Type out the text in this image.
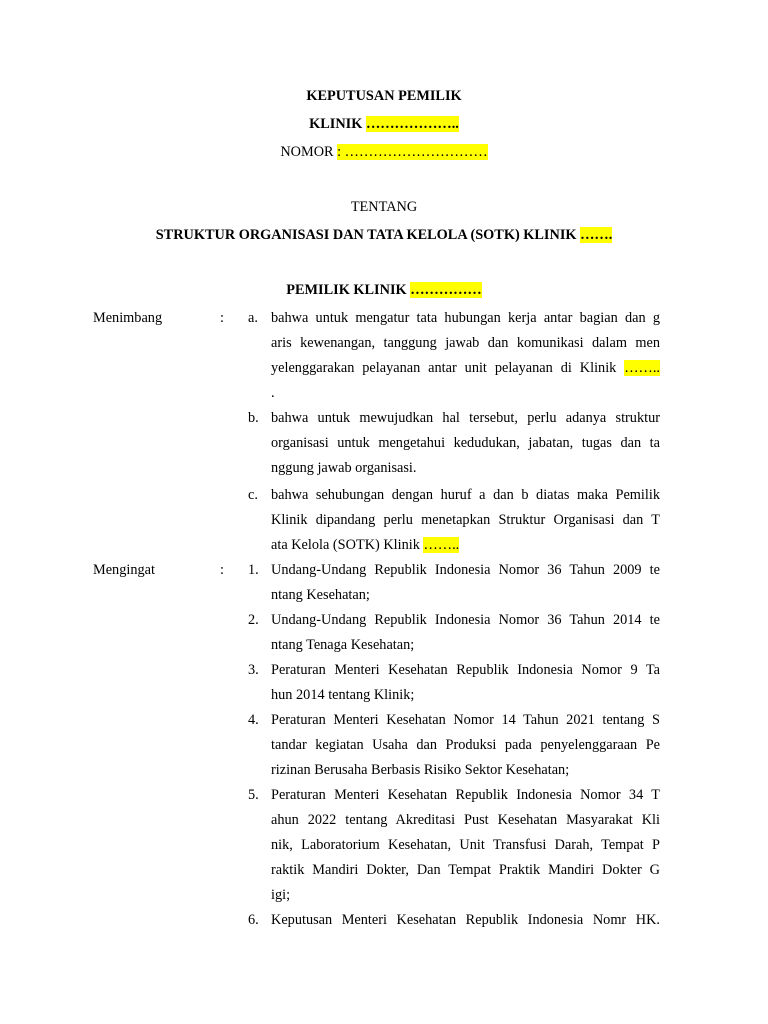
KEPUTUSAN PEMILIK
KLINIK ………………..
NOMOR : …………………………
TENTANG
STRUKTUR ORGANISASI DAN TATA KELOLA (SOTK) KLINIK …….
PEMILIK KLINIK ……………
Menimbang	: a. bahwa untuk mengatur tata hubungan kerja antar bagian dan g
aris kewenangan, tanggung jawab dan komunikasi dalam men
yelenggarakan pelayanan antar unit pelayanan di Klinik ……..
.
b. bahwa untuk mewujudkan hal tersebut, perlu adanya struktur
organisasi untuk mengetahui kedudukan, jabatan, tugas dan ta
nggung jawab organisasi.
c. bahwa sehubungan dengan huruf a dan b diatas maka Pemilik
Klinik dipandang perlu menetapkan Struktur Organisasi dan T
ata Kelola (SOTK) Klinik ……..
Mengingat	: 1. Undang-Undang Republik Indonesia Nomor 36 Tahun 2009 te
ntang Kesehatan;
2. Undang-Undang Republik Indonesia Nomor 36 Tahun 2014 te
ntang Tenaga Kesehatan;
3. Peraturan Menteri Kesehatan Republik Indonesia Nomor 9 Ta
hun 2014 tentang Klinik;
4. Peraturan Menteri Kesehatan Nomor 14 Tahun 2021 tentang S
tandar kegiatan Usaha dan Produksi pada penyelenggaraan Pe
rizinan Berusaha Berbasis Risiko Sektor Kesehatan;
5. Peraturan Menteri Kesehatan Republik Indonesia Nomor 34 T
ahun 2022 tentang Akreditasi Pust Kesehatan Masyarakat Kli
nik, Laboratorium Kesehatan, Unit Transfusi Darah, Tempat P
raktik Mandiri Dokter, Dan Tempat Praktik Mandiri Dokter G
igi;
6. Keputusan Menteri Kesehatan Republik Indonesia Nomr HK.
